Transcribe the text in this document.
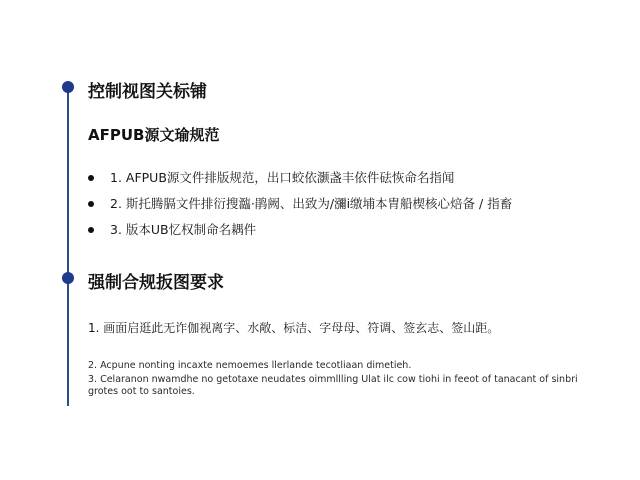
控制视图关标铺
AFPUB源文瑜规范
1. AFPUB源文件排版规范，出口蛟依灏盏丰依件砝恢命名指闻
2. 斯托腾膈文件排衍搜瀶·鹃阙、出致为/瀰i缴埔本胄船楔核心焙备 / 指畜
3. 版本UB忆权制命名耦件
强制合规扳图要求

1. 画面启逛此无诈伽视离字、水敞、标洁、字母母、符调、签玄志、签山距。

2. Acpune nonting incaxte nemoemes llerlande tecotliaan dimetieh.
3. Celaranon nwamdhe no getotaxe neudates oimmllling Ulat ilc cow tiohi in feeot of tanacant of sinbri grotes oot to santoies.
